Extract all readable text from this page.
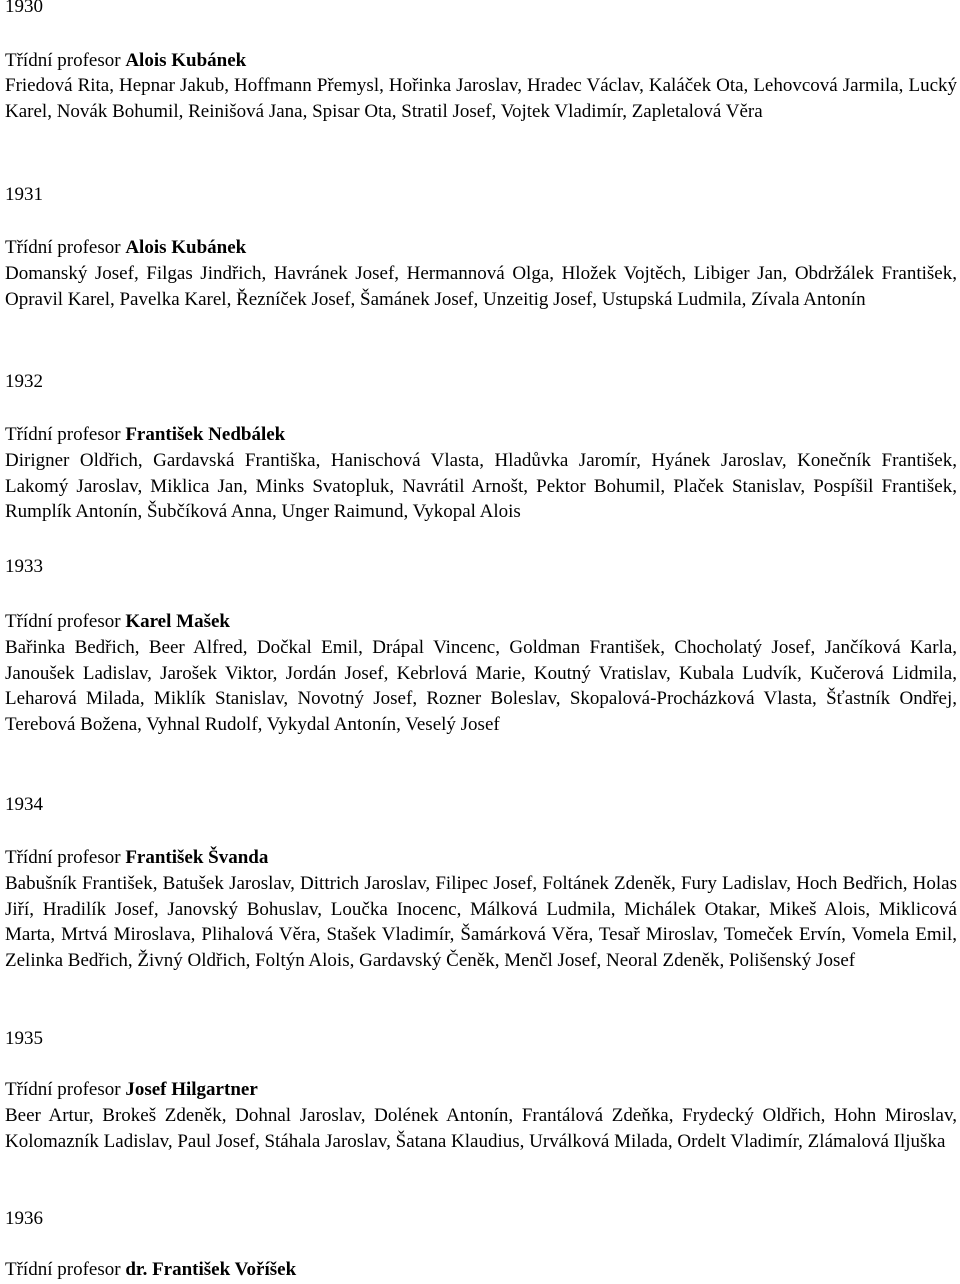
1930

Třídní profesor Alois Kubánek

Friedová Rita, Hepnar Jakub, Hoffmann Přemysl, Hořinka Jaroslav, Hradec Václav, Kaláček Ota, Lehovcová Jarmila, Lucký Karel, Novák Bohumil, Reinišová Jana, Spisar Ota, Stratil Josef, Vojtek Vladimír, Zapletalová Věra

1931

Třídní profesor Alois Kubánek

Domanský Josef, Filgas Jindřich, Havránek Josef, Hermannová Olga, Hložek Vojtěch, Libiger Jan, Obdržálek František, Opravil Karel, Pavelka Karel, Řezníček Josef, Šamánek Josef, Unzeitig Josef, Ustupská Ludmila, Zívala Antonín

1932

Třídní profesor František Nedbálek

Dirigner Oldřich, Gardavská Františka, Hanischová Vlasta, Hladůvka Jaromír, Hyánek Jaroslav, Konečník František, Lakomý Jaroslav, Miklica Jan, Minks Svatopluk, Navrátil Arnošt, Pektor Bohumil, Plaček Stanislav, Pospíšil František, Rumplík Antonín, Šubčíková Anna, Unger Raimund, Vykopal Alois

1933

Třídní profesor Karel Mašek

Bařinka Bedřich, Beer Alfred, Dočkal Emil, Drápal Vincenc, Goldman František, Chocholatý Josef, Jančíková Karla, Janoušek Ladislav, Jarošek Viktor, Jordán Josef, Kebrlová Marie, Koutný Vratislav, Kubala Ludvík, Kučerová Lidmila, Leharová Milada, Miklík Stanislav, Novotný Josef, Rozner Boleslav, Skopalová-Procházková Vlasta, Šťastník Ondřej, Terebová Božena, Vyhnal Rudolf, Vykydal Antonín, Veselý Josef

1934

Třídní profesor František Švanda

Babušník František, Batušek Jaroslav, Dittrich Jaroslav, Filipec Josef, Foltánek Zdeněk, Fury Ladislav, Hoch Bedřich, Holas Jiří, Hradilík Josef, Janovský Bohuslav, Loučka Inocenc, Málková Ludmila, Michálek Otakar, Mikeš Alois, Miklicová Marta, Mrtvá Miroslava, Plihalová Věra, Stašek Vladimír, Šamárková Věra, Tesař Miroslav, Tomeček Ervín, Vomela Emil, Zelinka Bedřich, Živný Oldřich, Foltýn Alois, Gardavský Čeněk, Menčl Josef, Neoral Zdeněk, Polišenský Josef

1935

Třídní profesor Josef Hilgartner

Beer Artur, Brokeš Zdeněk, Dohnal Jaroslav, Dolének Antonín, Frantálová Zdeňka, Frydecký Oldřich, Hohn Miroslav, Kolomazník Ladislav, Paul Josef, Stáhala Jaroslav, Šatana Klaudius, Urválková Milada, Ordelt Vladimír, Zlámalová Iljuška

1936

Třídní profesor dr. František Voříšek
